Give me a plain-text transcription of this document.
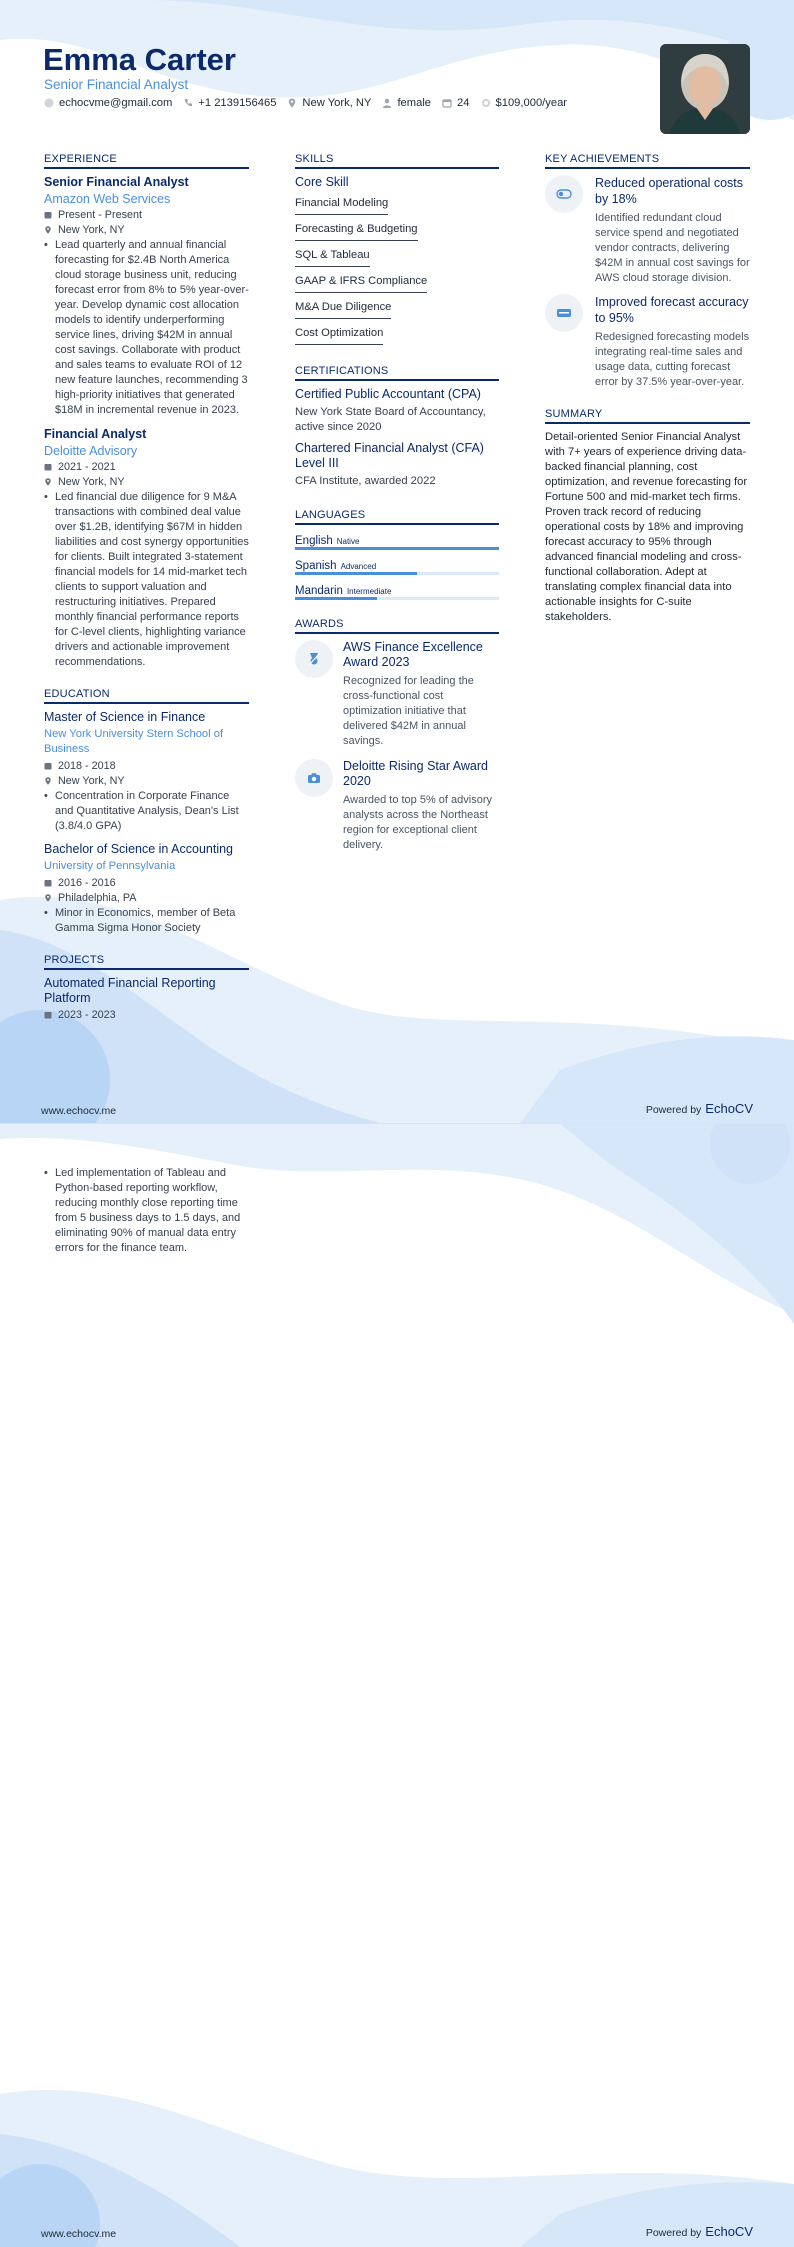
Emma Carter
Senior Financial Analyst
echocvme@gmail.com +1 2139156465 New York, NY female 24 $109,000/year
EXPERIENCE
Senior Financial Analyst
Amazon Web Services
Present - Present
New York, NY
• Lead quarterly and annual financial forecasting for $2.4B North America cloud storage business unit, reducing forecast error from 8% to 5% year-over-year. Develop dynamic cost allocation models to identify underperforming service lines, driving $42M in annual cost savings. Collaborate with product and sales teams to evaluate ROI of 12 new feature launches, recommending 3 high-priority initiatives that generated $18M in incremental revenue in 2023.
Financial Analyst
Deloitte Advisory
2021 - 2021
New York, NY
• Led financial due diligence for 9 M&A transactions with combined deal value over $1.2B, identifying $67M in hidden liabilities and cost synergy opportunities for clients. Built integrated 3-statement financial models for 14 mid-market tech clients to support valuation and restructuring initiatives. Prepared monthly financial performance reports for C-level clients, highlighting variance drivers and actionable improvement recommendations.
EDUCATION
Master of Science in Finance
New York University Stern School of Business
2018 - 2018
New York, NY
• Concentration in Corporate Finance and Quantitative Analysis, Dean's List (3.8/4.0 GPA)
Bachelor of Science in Accounting
University of Pennsylvania
2016 - 2016
Philadelphia, PA
• Minor in Economics, member of Beta Gamma Sigma Honor Society
PROJECTS
Automated Financial Reporting Platform
2023 - 2023
SKILLS
Core Skill
Financial Modeling
Forecasting & Budgeting
SQL & Tableau
GAAP & IFRS Compliance
M&A Due Diligence
Cost Optimization
CERTIFICATIONS
Certified Public Accountant (CPA)
New York State Board of Accountancy, active since 2020
Chartered Financial Analyst (CFA) Level III
CFA Institute, awarded 2022
LANGUAGES
English Native
Spanish Advanced
Mandarin Intermediate
AWARDS
AWS Finance Excellence Award 2023
Recognized for leading the cross-functional cost optimization initiative that delivered $42M in annual savings.
Deloitte Rising Star Award 2020
Awarded to top 5% of advisory analysts across the Northeast region for exceptional client delivery.
KEY ACHIEVEMENTS
Reduced operational costs by 18%
Identified redundant cloud service spend and negotiated vendor contracts, delivering $42M in annual cost savings for AWS cloud storage division.
Improved forecast accuracy to 95%
Redesigned forecasting models integrating real-time sales and usage data, cutting forecast error by 37.5% year-over-year.
SUMMARY
Detail-oriented Senior Financial Analyst with 7+ years of experience driving data-backed financial planning, cost optimization, and revenue forecasting for Fortune 500 and mid-market tech firms. Proven track record of reducing operational costs by 18% and improving forecast accuracy to 95% through advanced financial modeling and cross-functional collaboration. Adept at translating complex financial data into actionable insights for C-suite stakeholders.
www.echocv.me	Powered by EchoCV
• Led implementation of Tableau and Python-based reporting workflow, reducing monthly close reporting time from 5 business days to 1.5 days, and eliminating 90% of manual data entry errors for the finance team.
www.echocv.me	Powered by EchoCV
